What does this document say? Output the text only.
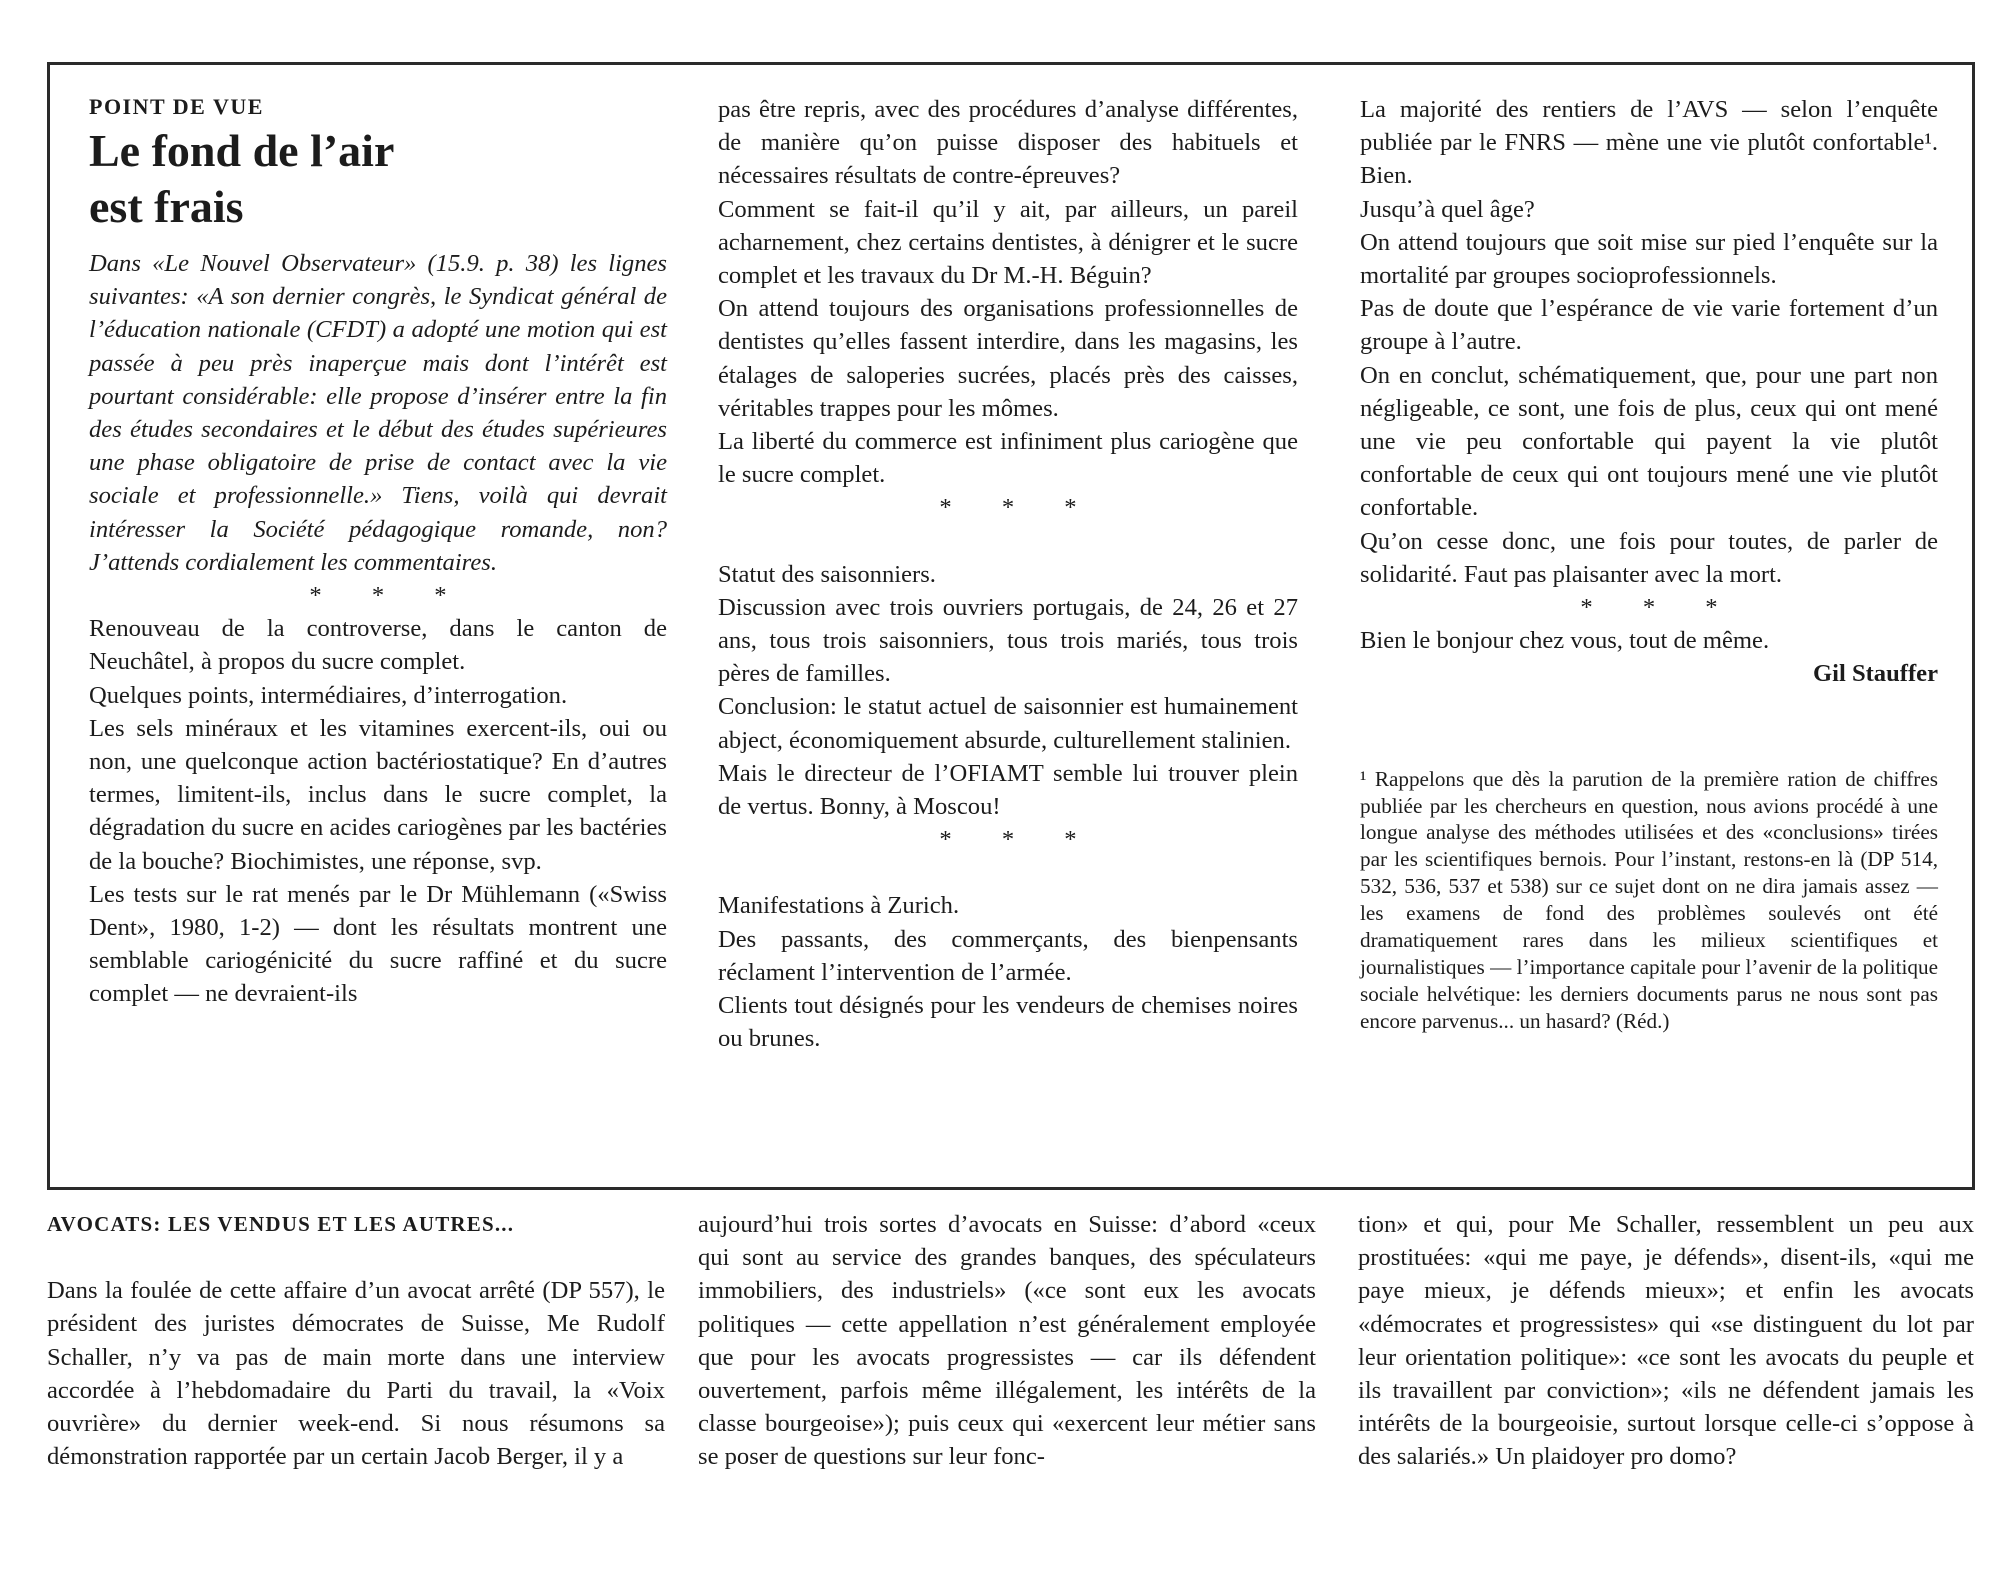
POINT DE VUE

Le fond de l’air
est frais

Dans «Le Nouvel Observateur» (15.9. p. 38) les lignes suivantes: «A son dernier congrès, le Syndicat général de l’éducation nationale (CFDT) a adopté une motion qui est passée à peu près inaperçue mais dont l’intérêt est pourtant considérable: elle propose d’insérer entre la fin des études secondaires et le début des études supérieures une phase obligatoire de prise de contact avec la vie sociale et professionnelle.» Tiens, voilà qui devrait intéresser la Société pédagogique romande, non? J’attends cordialement les commentaires.

* * *

Renouveau de la controverse, dans le canton de Neuchâtel, à propos du sucre complet.

Quelques points, intermédiaires, d’interrogation.

Les sels minéraux et les vitamines exercent-ils, oui ou non, une quelconque action bactériostatique? En d’autres termes, limitent-ils, inclus dans le sucre complet, la dégradation du sucre en acides cariogènes par les bactéries de la bouche? Biochimistes, une réponse, svp.

Les tests sur le rat menés par le Dr Mühlemann («Swiss Dent», 1980, 1-2) — dont les résultats montrent une semblable cariogénicité du sucre raffiné et du sucre complet — ne devraient-ils

pas être repris, avec des procédures d’analyse différentes, de manière qu’on puisse disposer des habituels et nécessaires résultats de contre-épreuves?

Comment se fait-il qu’il y ait, par ailleurs, un pareil acharnement, chez certains dentistes, à dénigrer et le sucre complet et les travaux du Dr M.-H. Béguin?

On attend toujours des organisations professionnelles de dentistes qu’elles fassent interdire, dans les magasins, les étalages de saloperies sucrées, placés près des caisses, véritables trappes pour les mômes.

La liberté du commerce est infiniment plus cariogène que le sucre complet.

* * *

Statut des saisonniers.

Discussion avec trois ouvriers portugais, de 24, 26 et 27 ans, tous trois saisonniers, tous trois mariés, tous trois pères de familles.

Conclusion: le statut actuel de saisonnier est humainement abject, économiquement absurde, culturellement stalinien.

Mais le directeur de l’OFIAMT semble lui trouver plein de vertus. Bonny, à Moscou!

* * *

Manifestations à Zurich.

Des passants, des commerçants, des bienpensants réclament l’intervention de l’armée.

Clients tout désignés pour les vendeurs de chemises noires ou brunes.

La majorité des rentiers de l’AVS — selon l’enquête publiée par le FNRS — mène une vie plutôt confortable¹. Bien.

Jusqu’à quel âge?

On attend toujours que soit mise sur pied l’enquête sur la mortalité par groupes socioprofessionnels.

Pas de doute que l’espérance de vie varie fortement d’un groupe à l’autre.

On en conclut, schématiquement, que, pour une part non négligeable, ce sont, une fois de plus, ceux qui ont mené une vie peu confortable qui payent la vie plutôt confortable de ceux qui ont toujours mené une vie plutôt confortable.

Qu’on cesse donc, une fois pour toutes, de parler de solidarité. Faut pas plaisanter avec la mort.

* * *

Bien le bonjour chez vous, tout de même.

Gil Stauffer

¹ Rappelons que dès la parution de la première ration de chiffres publiée par les chercheurs en question, nous avions procédé à une longue analyse des méthodes utilisées et des «conclusions» tirées par les scientifiques bernois. Pour l’instant, restons-en là (DP 514, 532, 536, 537 et 538) sur ce sujet dont on ne dira jamais assez — les examens de fond des problèmes soulevés ont été dramatiquement rares dans les milieux scientifiques et journalistiques — l’importance capitale pour l’avenir de la politique sociale helvétique: les derniers documents parus ne nous sont pas encore parvenus... un hasard? (Réd.)

AVOCATS: LES VENDUS ET LES AUTRES...

Dans la foulée de cette affaire d’un avocat arrêté (DP 557), le président des juristes démocrates de Suisse, Me Rudolf Schaller, n’y va pas de main morte dans une interview accordée à l’hebdomadaire du Parti du travail, la «Voix ouvrière» du dernier week-end. Si nous résumons sa démonstration rapportée par un certain Jacob Berger, il y a

aujourd’hui trois sortes d’avocats en Suisse: d’abord «ceux qui sont au service des grandes banques, des spéculateurs immobiliers, des industriels» («ce sont eux les avocats politiques — cette appellation n’est généralement employée que pour les avocats progressistes — car ils défendent ouvertement, parfois même illégalement, les intérêts de la classe bourgeoise»); puis ceux qui «exercent leur métier sans se poser de questions sur leur fonc-

tion» et qui, pour Me Schaller, ressemblent un peu aux prostituées: «qui me paye, je défends», disent-ils, «qui me paye mieux, je défends mieux»; et enfin les avocats «démocrates et progressistes» qui «se distinguent du lot par leur orientation politique»: «ce sont les avocats du peuple et ils travaillent par conviction»; «ils ne défendent jamais les intérêts de la bourgeoisie, surtout lorsque celle-ci s’oppose à des salariés.» Un plaidoyer pro domo?
